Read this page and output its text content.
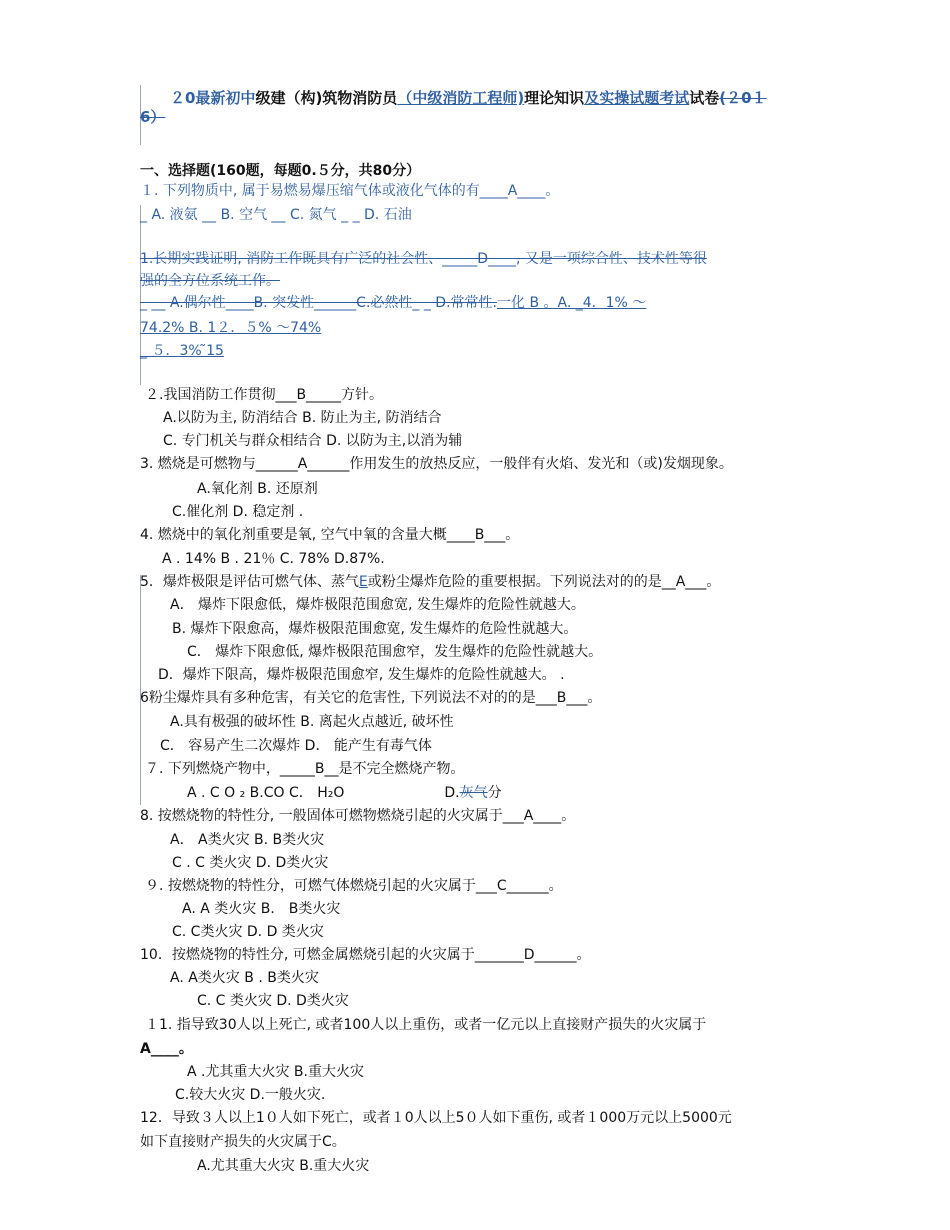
２0最新初中级建（构)筑物消防员（中级消防工程师)理论知识及实操试题考试试卷(２0１
6）
一、选择题(160题，每题0.５分，共80分）
１. 下列物质中, 属于易燃易爆压缩气体或液化气体的有____A____。
_ A. 液氨 __ B. 空气 __ C. 氮气 _ _ D. 石油
1.长期实践证明, 消防工作既具有广泛的社会性、_____D____, 又是一项综合性、技术性等很
强的全方位系统工作。
_ __ A.偶尔性____B. 突发性______C.必然性_ _ D.常常性.一化 B 。A. _4．1% ～
74.2% B. 1２．５% ～74%
_ ５．3% ̃15
２.我国消防工作贯彻___B_____方针。
A.以防为主, 防消结合 B. 防止为主, 防消结合
C. 专门机关与群众相结合 D. 以防为主,以消为辅
3. 燃烧是可燃物与______A______作用发生的放热反应，一般伴有火焰、发光和（或)发烟现象。
A.氧化剂 B. 还原剂
C.催化剂 D. 稳定剂 .
4. 燃烧中的氧化剂重要是氧, 空气中氧的含量大概____B___。
A . 14% B . 21％ C. 78% D.87%.
5．爆炸极限是评估可燃气体、蒸气E或粉尘爆炸危险的重要根据。下列说法对的的是__A___。
A． 爆炸下限愈低，爆炸极限范围愈宽, 发生爆炸的危险性就越大。
B. 爆炸下限愈高，爆炸极限范围愈宽, 发生爆炸的危险性就越大。
C． 爆炸下限愈低, 爆炸极限范围愈窄，发生爆炸的危险性就越大。
D．爆炸下限高，爆炸极限范围愈窄, 发生爆炸的危险性就越大。 .
6粉尘爆炸具有多种危害，有关它的危害性, 下列说法不对的的是___B___。
A.具有极强的破坏性 B. 离起火点越近, 破坏性
C． 容易产生二次爆炸 D． 能产生有毒气体
７. 下列燃烧产物中，_____B__是不完全燃烧产物。
A . C O ₂ B.CO C． H₂O	D.灰气分
8. 按燃烧物的特性分, 一般固体可燃物燃烧引起的火灾属于___A____。
A． A类火灾 B. B类火灾
C . C 类火灾 D. D类火灾
９. 按燃烧物的特性分，可燃气体燃烧引起的火灾属于___C______。
A. A 类火灾 B． B类火灾
C. C类火灾 D. D 类火灾
10．按燃烧物的特性分, 可燃金属燃烧引起的火灾属于_______D______。
A. A类火灾 B . B类火灾
C. C 类火灾 D. D类火灾
１1. 指导致30人以上死亡, 或者100人以上重伤，或者一亿元以上直接财产损失的火灾属于
A____。
A .尤其重大火灾 B.重大火灾
C.较大火灾 D.一般火灾.
12．导致３人以上1０人如下死亡，或者１0人以上5０人如下重伤, 或者１000万元以上5000元
如下直接财产损失的火灾属于C。
A.尤其重大火灾 B.重大火灾
